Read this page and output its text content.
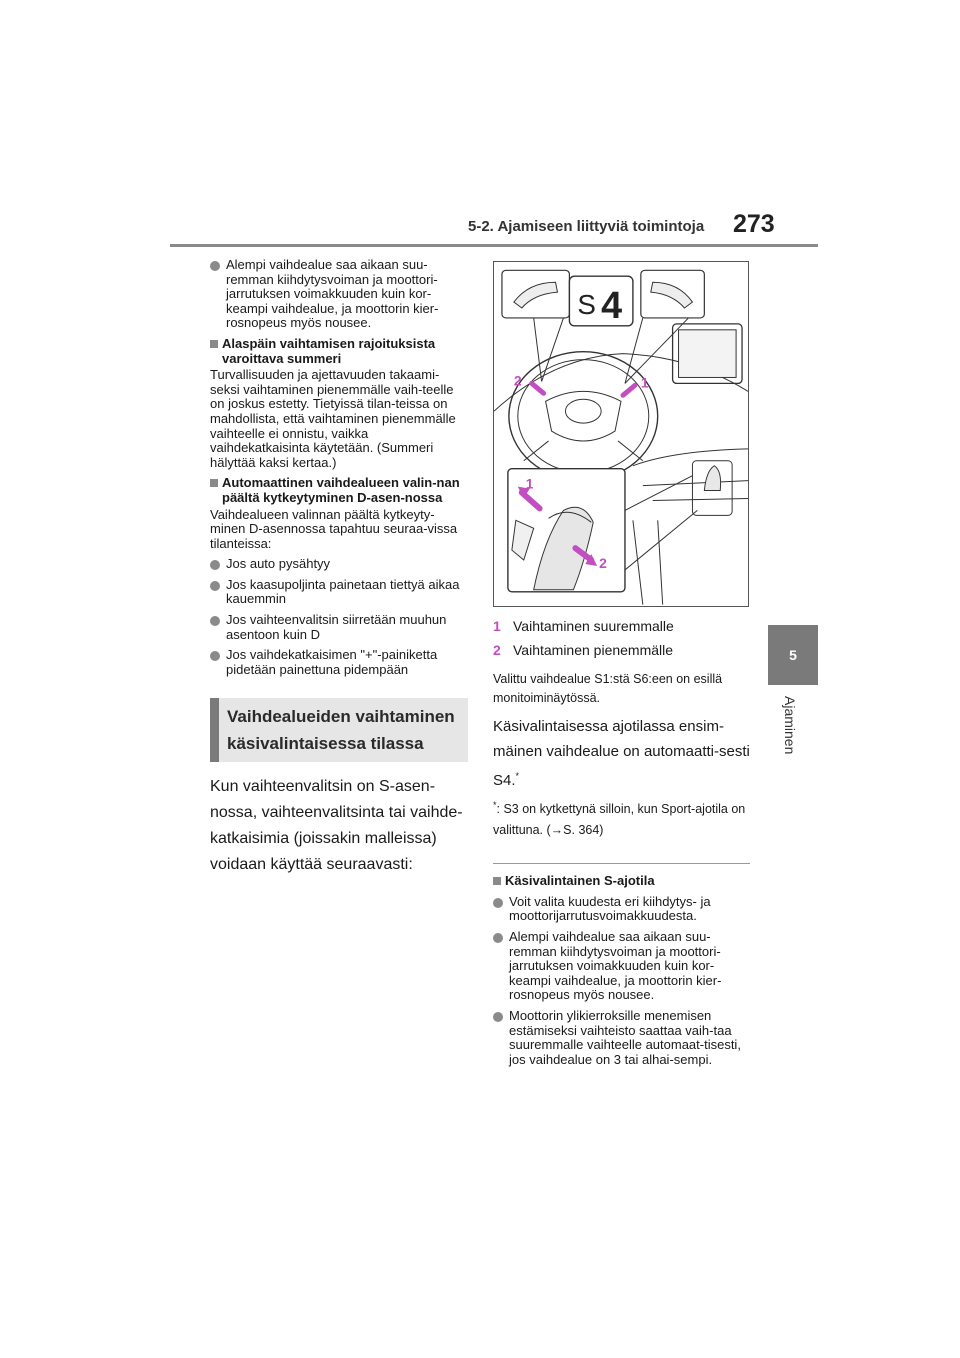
5-2. Ajamiseen liittyviä toimintoja 273
5
Ajaminen

Alempi vaihdealue saa aikaan suu-remman kiihdytysvoiman ja moottori-jarrutuksen voimakkuuden kuin kor-keampi vaihdealue, ja moottorin kier-rosnopeus myös nousee.

Alaspäin vaihtamisen rajoituksista varoittava summeri

Turvallisuuden ja ajettavuuden takaami-seksi vaihtaminen pienemmälle vaih-teelle on joskus estetty. Tietyissä tilan-teissa on mahdollista, että vaihtaminen pienemmälle vaihteelle ei onnistu, vaikka vaihdekatkaisinta käytetään. (Summeri hälyttää kaksi kertaa.)

Automaattinen vaihdealueen valin-nan päältä kytkeytyminen D-asen-nossa

Vaihdealueen valinnan päältä kytkeyty-minen D-asennossa tapahtuu seuraa-vissa tilanteissa:

Jos auto pysähtyy

Jos kaasupoljinta painetaan tiettyä aikaa kauemmin

Jos vaihteenvalitsin siirretään muuhun asentoon kuin D

Jos vaihdekatkaisimen "+"-painiketta pidetään painettuna pidempään

Vaihdealueiden vaihtaminen käsivalintaisessa tilassa

Kun vaihteenvalitsin on S-asen-nossa, vaihteenvalitsinta tai vaihde-katkaisimia (joissakin malleissa) voidaan käyttää seuraavasti:

S 4
2	1
1
2

1 Vaihtaminen suuremmalle

2 Vaihtaminen pienemmälle

Valittu vaihdealue S1:stä S6:een on esillä monitoiminäytössä.

Käsivalintaisessa ajotilassa ensim-mäinen vaihdealue on automaatti-sesti S4.*

*: S3 on kytkettynä silloin, kun Sport-ajotila on valittuna. (→S. 364)

Käsivalintainen S-ajotila

Voit valita kuudesta eri kiihdytys- ja moottorijarrutusvoimakkuudesta.

Alempi vaihdealue saa aikaan suu-remman kiihdytysvoiman ja moottori-jarrutuksen voimakkuuden kuin kor-keampi vaihdealue, ja moottorin kier-rosnopeus myös nousee.

Moottorin ylikierroksille menemisen estämiseksi vaihteisto saattaa vaih-taa suuremmalle vaihteelle automaat-tisesti, jos vaihdealue on 3 tai alhai-sempi.
